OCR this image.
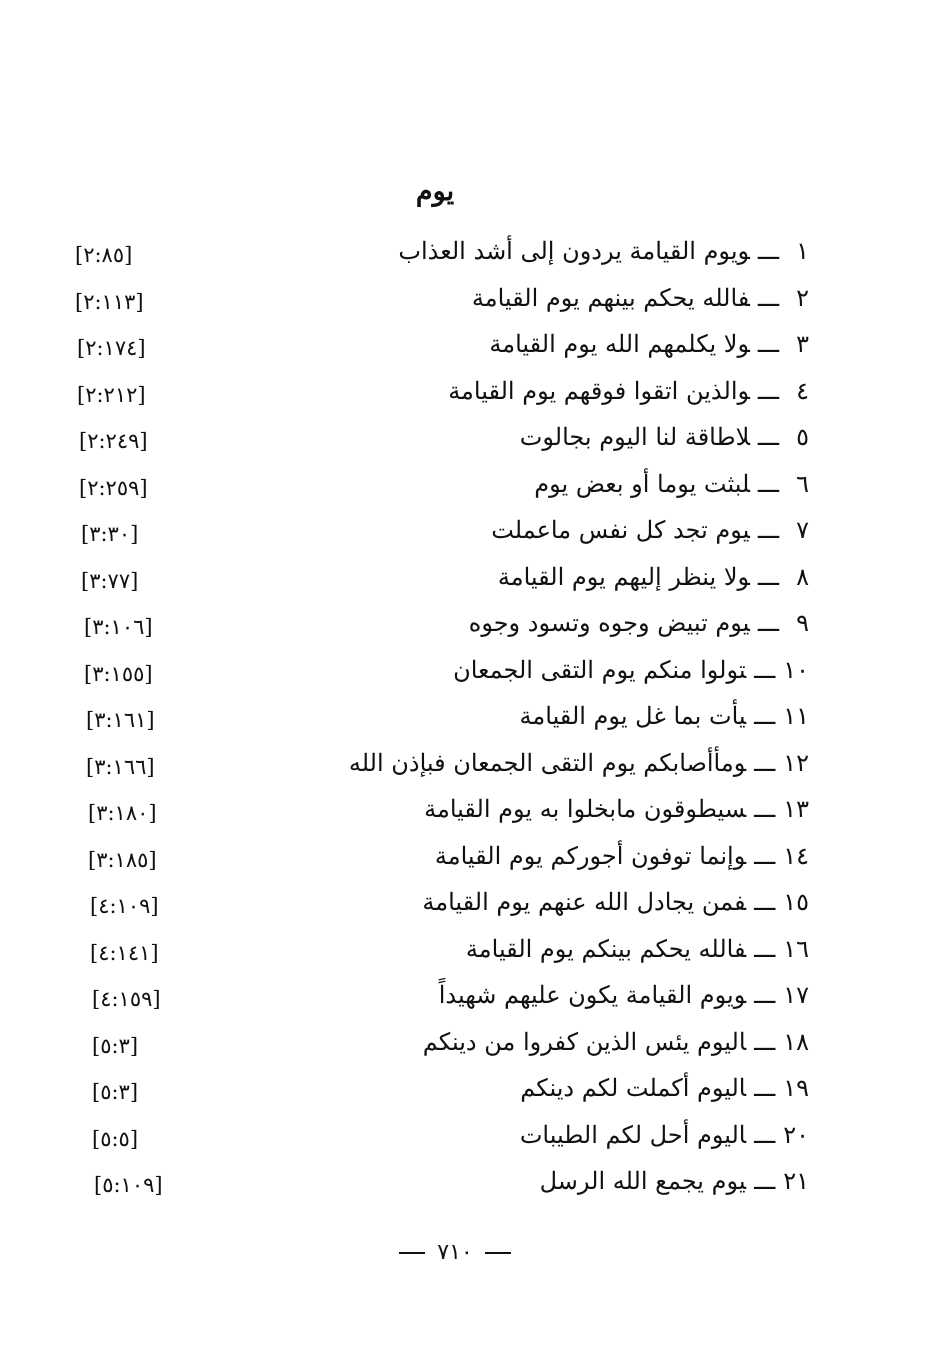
يوم
١ـــويوم القيامة يردون إلى أشد العذاب
[٢:٨٥]
٢ـــفالله يحكم بينهم يوم القيامة
[٢:١١٣]
٣ـــولا يكلمهم الله يوم القيامة
[٢:١٧٤]
٤ـــوالذين اتقوا فوقهم يوم القيامة
[٢:٢١٢]
٥ـــلاطاقة لنا اليوم بجالوت
[٢:٢٤٩]
٦ـــلبثت يوما أو بعض يوم
[٢:٢٥٩]
٧ـــيوم تجد كل نفس ماعملت
[٣:٣٠]
٨ـــولا ينظر إليهم يوم القيامة
[٣:٧٧]
٩ـــيوم تبيض وجوه وتسود وجوه
[٣:١٠٦]
١٠ـــتولوا منكم يوم التقى الجمعان
[٣:١٥٥]
١١ـــيأت بما غل يوم القيامة
[٣:١٦١]
١٢ـــومأأصابكم يوم التقى الجمعان فبإذن الله
[٣:١٦٦]
١٣ـــسيطوقون مابخلوا به يوم القيامة
[٣:١٨٠]
١٤ـــوإنما توفون أجوركم يوم القيامة
[٣:١٨٥]
١٥ـــفمن يجادل الله عنهم يوم القيامة
[٤:١٠٩]
١٦ـــفالله يحكم بينكم يوم القيامة
[٤:١٤١]
١٧ـــويوم القيامة يكون عليهم شهيداً
[٤:١٥٩]
١٨ـــاليوم يئس الذين كفروا من دينكم
[٥:٣]
١٩ـــاليوم أكملت لكم دينكم
[٥:٣]
٢٠ـــاليوم أحل لكم الطيبات
[٥:٥]
٢١ـــيوم يجمع الله الرسل
[٥:١٠٩]
٧١٠
